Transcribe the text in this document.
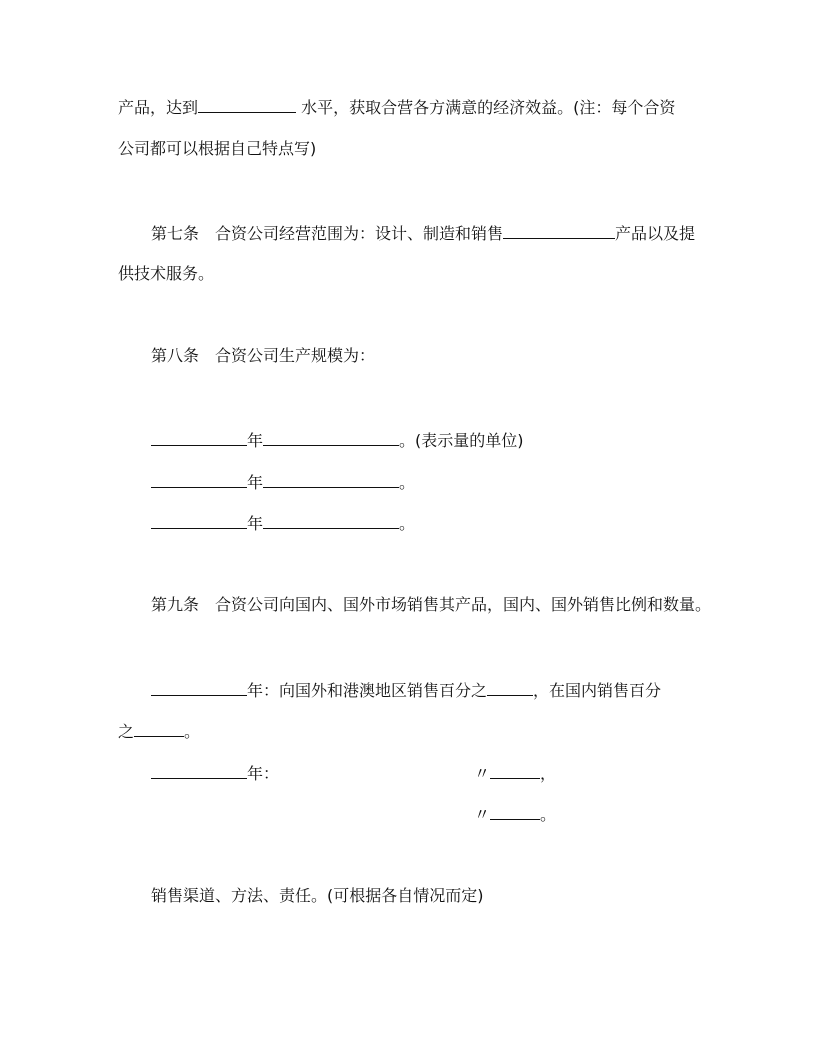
产品，达到	水平，获取合营各方满意的经济效益。(注：每个合资
公司都可以根据自己特点写)
第七条　合资公司经营范围为：设计、制造和销售	产品以及提
供技术服务。
第八条　合资公司生产规模为：
年	。(表示量的单位)
年	。
年	。
第九条　合资公司向国内、国外市场销售其产品，国内、国外销售比例和数量。
年：向国外和港澳地区销售百分之	，在国内销售百分
之	。
年：	〃	，
〃	。
销售渠道、方法、责任。(可根据各自情况而定)
